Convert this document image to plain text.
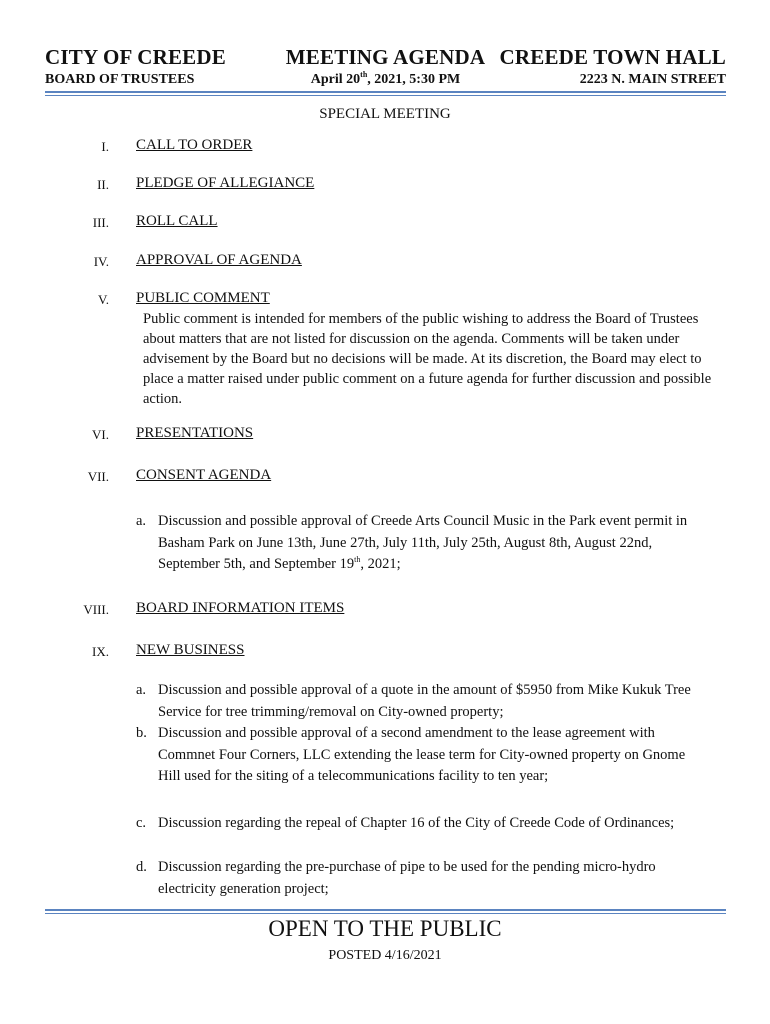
CITY OF CREEDE	MEETING AGENDA CREEDE TOWN HALL
BOARD OF TRUSTEES	April 20th, 2021, 5:30 PM	2223 N. MAIN STREET
SPECIAL MEETING
I. CALL TO ORDER
II. PLEDGE OF ALLEGIANCE
III. ROLL CALL
IV. APPROVAL OF AGENDA
V. PUBLIC COMMENT
Public comment is intended for members of the public wishing to address the Board of Trustees about matters that are not listed for discussion on the agenda. Comments will be taken under advisement by the Board but no decisions will be made. At its discretion, the Board may elect to place a matter raised under public comment on a future agenda for further discussion and possible action.
VI. PRESENTATIONS
VII. CONSENT AGENDA
a. Discussion and possible approval of Creede Arts Council Music in the Park event permit in Basham Park on June 13th, June 27th, July 11th, July 25th, August 8th, August 22nd, September 5th, and September 19th, 2021;
VIII. BOARD INFORMATION ITEMS
IX. NEW BUSINESS
a. Discussion and possible approval of a quote in the amount of $5950 from Mike Kukuk Tree Service for tree trimming/removal on City-owned property;
b. Discussion and possible approval of a second amendment to the lease agreement with Commnet Four Corners, LLC extending the lease term for City-owned property on Gnome Hill used for the siting of a telecommunications facility to ten year;
c. Discussion regarding the repeal of Chapter 16 of the City of Creede Code of Ordinances;
d. Discussion regarding the pre-purchase of pipe to be used for the pending micro-hydro electricity generation project;
OPEN TO THE PUBLIC
POSTED 4/16/2021
